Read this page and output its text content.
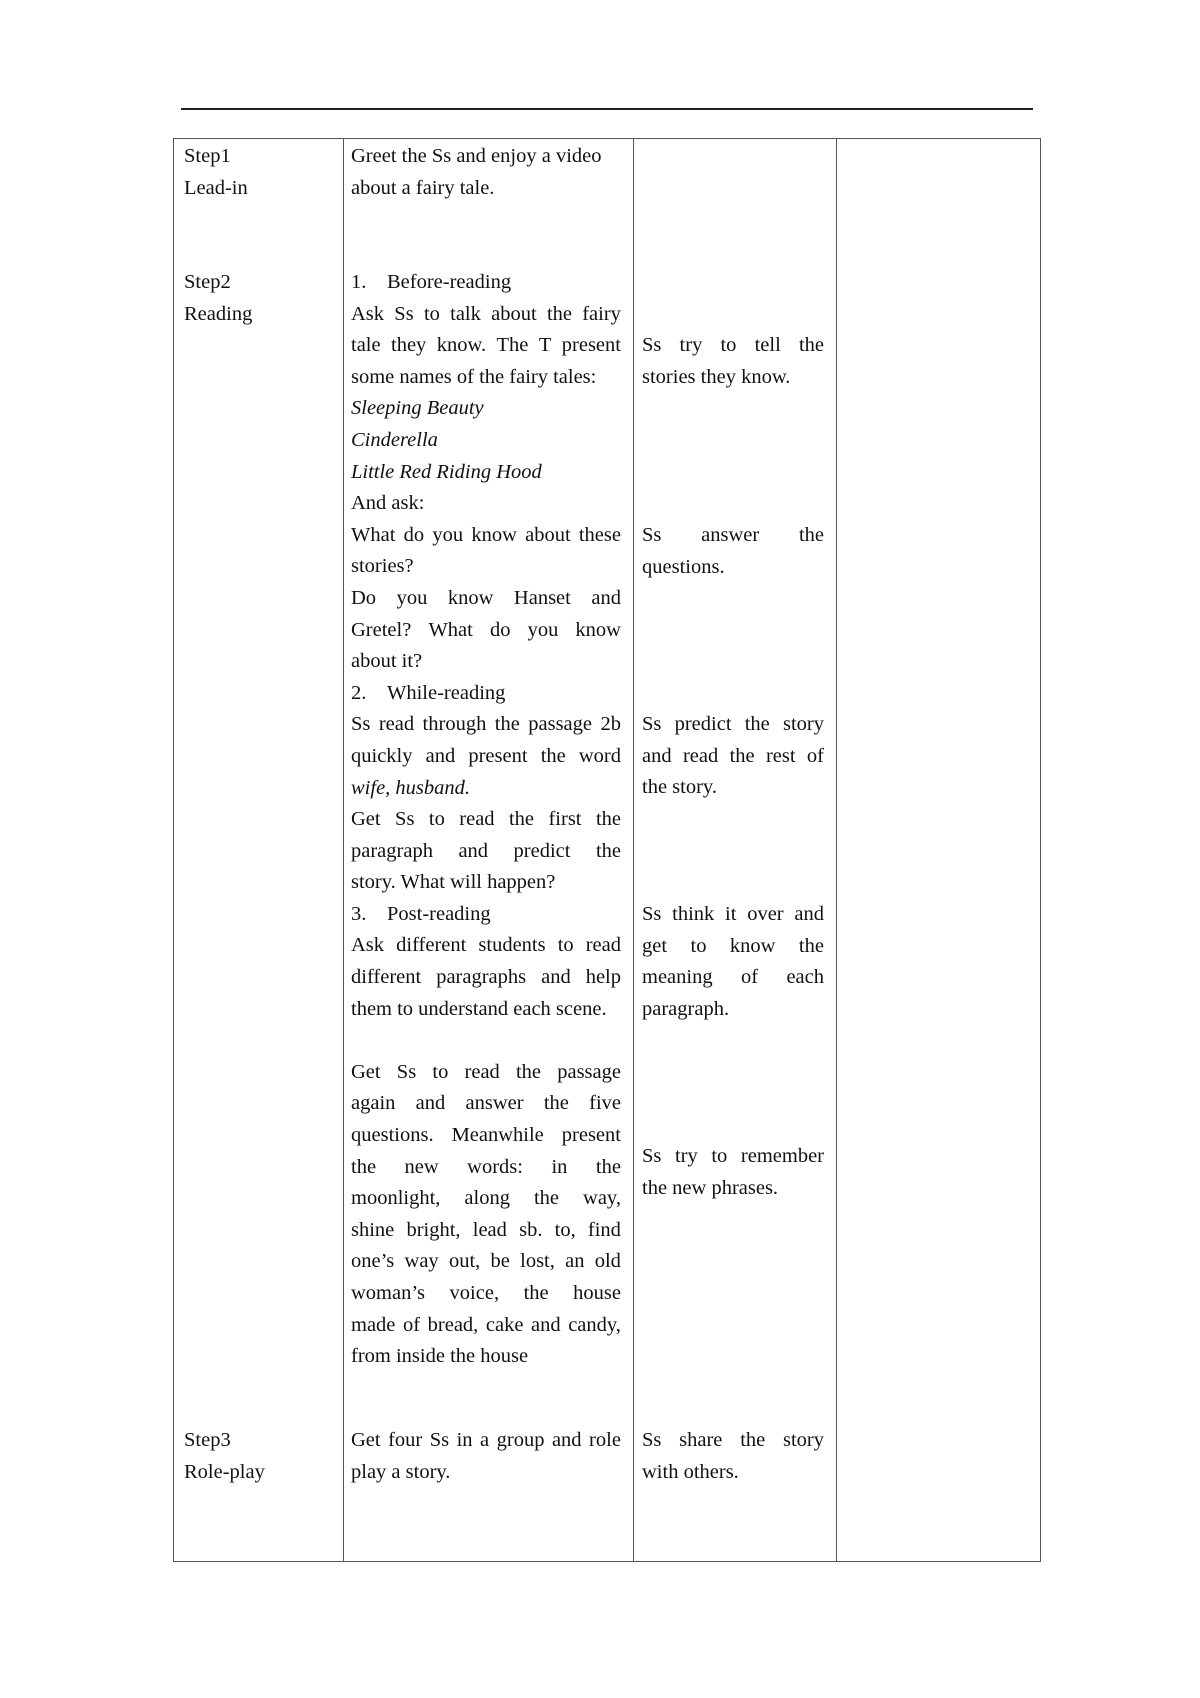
Step1
Lead-in
Step2
Reading
Step3
Role-play
Greet the Ss and enjoy a video
about a fairy tale.
1. Before-reading
Ask Ss to talk about the fairy
tale they know. The T present
some names of the fairy tales:
Sleeping Beauty
Cinderella
Little Red Riding Hood
And ask:
What do you know about these
stories?
Do you know Hanset and
Gretel? What do you know
about it?
2. While-reading
Ss read through the passage 2b
quickly and present the word
wife, husband.
Get Ss to read the first the
paragraph and predict the
story. What will happen?
3. Post-reading
Ask different students to read
different paragraphs and help
them to understand each scene.
Get Ss to read the passage
again and answer the five
questions. Meanwhile present
the new words: in the
moonlight, along the way,
shine bright, lead sb. to, find
one’s way out, be lost, an old
woman’s voice, the house
made of bread, cake and candy,
from inside the house
Get four Ss in a group and role
play a story.
Ss try to tell the
stories they know.
Ss answer the
questions.
Ss predict the story
and read the rest of
the story.
Ss think it over and
get to know the
meaning of each
paragraph.
Ss try to remember
the new phrases.
Ss share the story
with others.
